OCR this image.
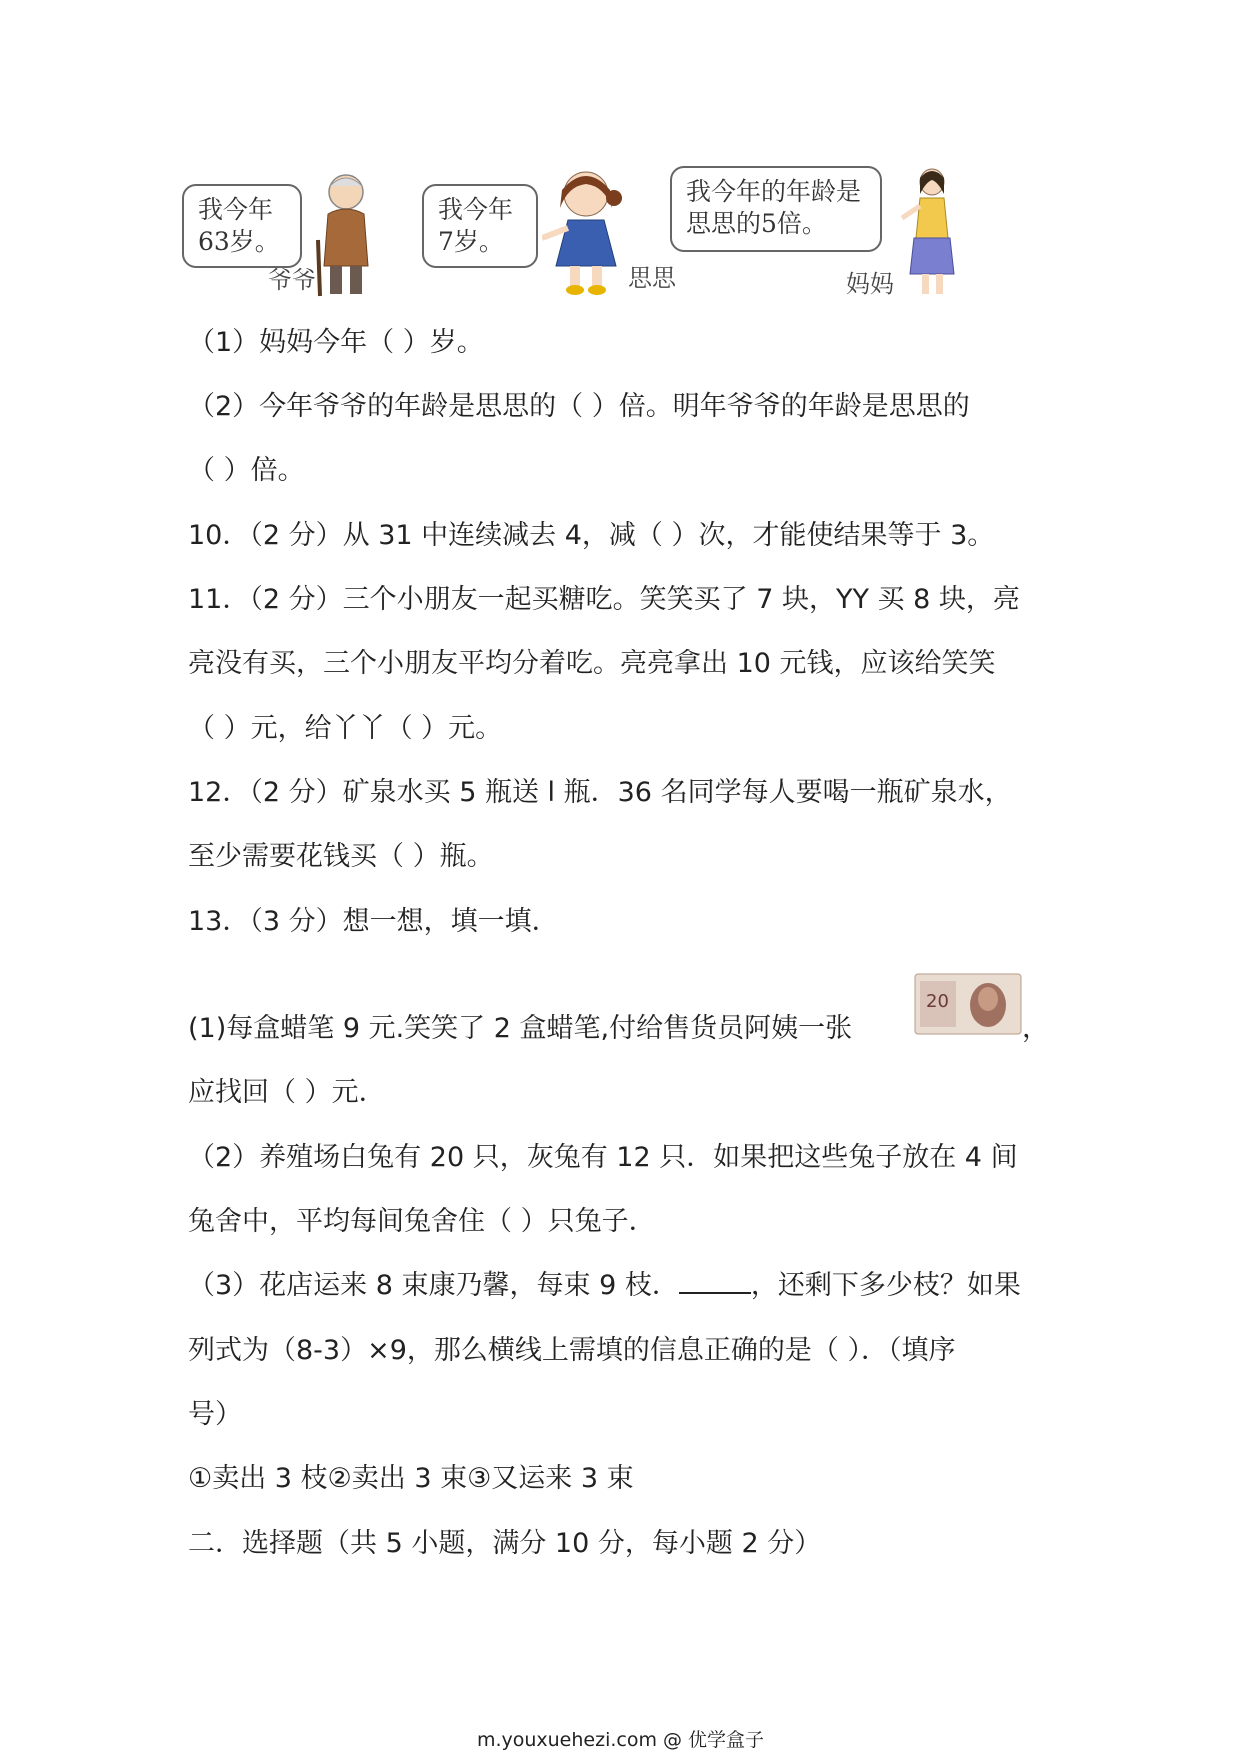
我今年
63岁。
爷爷
我今年
7岁。
思思
我今年的年龄是
思思的5倍。
妈妈
（1）妈妈今年（ ）岁。
（2）今年爷爷的年龄是思思的（ ）倍。明年爷爷的年龄是思思的
（ ）倍。
10．（2 分）从 31 中连续减去 4，减（ ）次，才能使结果等于 3。
11．（2 分）三个小朋友一起买糖吃。笑笑买了 7 块，YY 买 8 块，亮
亮没有买，三个小朋友平均分着吃。亮亮拿出 10 元钱，应该给笑笑
（ ）元，给丫丫（ ）元。
12．（2 分）矿泉水买 5 瓶送 l 瓶．36 名同学每人要喝一瓶矿泉水，
至少需要花钱买（ ）瓶。
13．（3 分）想一想，填一填．
(1)每盒蜡笔 9 元.笑笑了 2 盒蜡笔,付给售货员阿姨一张	，
20
应找回（ ）元．
（2）养殖场白兔有 20 只，灰兔有 12 只．如果把这些兔子放在 4 间
兔舍中，平均每间兔舍住（ ）只兔子．
（3）花店运来 8 束康乃馨，每束 9 枝．	，还剩下多少枝？如果
列式为（8-3）×9，那么横线上需填的信息正确的是（ ）．（填序
号）
①卖出 3 枝②卖出 3 束③又运来 3 束
二．选择题（共 5 小题，满分 10 分，每小题 2 分）
m.youxuehezi.com @ 优学盒子
